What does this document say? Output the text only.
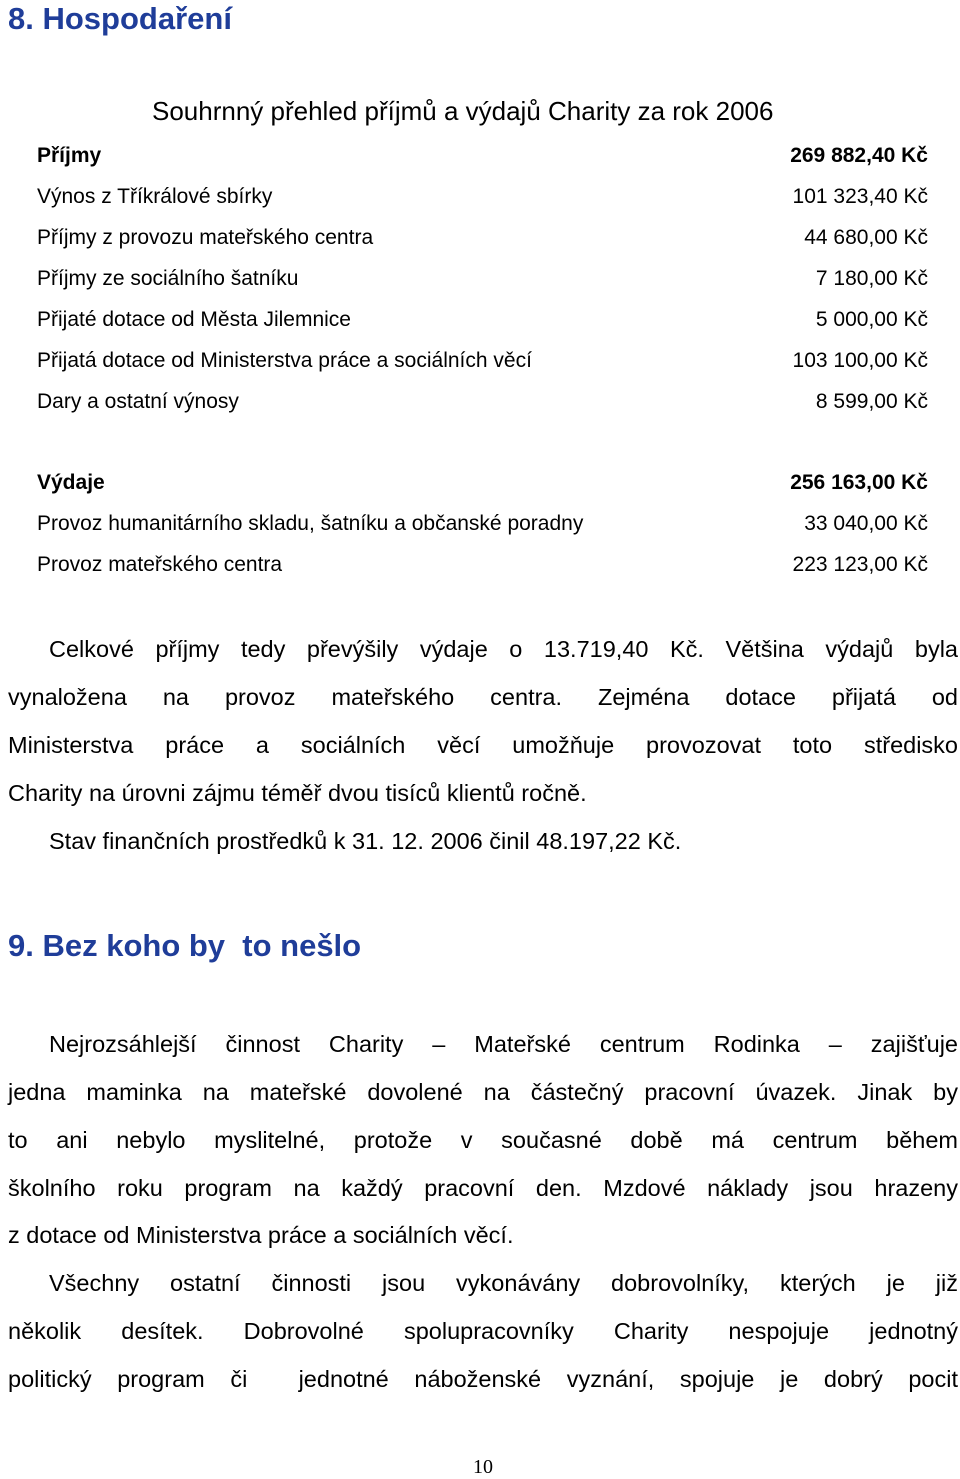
8. Hospodaření
Souhrnný přehled příjmů a výdajů Charity za rok 2006
Příjmy	269 882,40 Kč
Výnos z Tříkrálové sbírky	101 323,40 Kč
Příjmy z provozu mateřského centra	44 680,00 Kč
Příjmy ze sociálního šatníku	7 180,00 Kč
Přijaté dotace od Města Jilemnice	5 000,00 Kč
Přijatá dotace od Ministerstva práce a sociálních věcí	103 100,00 Kč
Dary a ostatní výnosy	8 599,00 Kč
Výdaje	256 163,00 Kč
Provoz humanitárního skladu, šatníku a občanské poradny	33 040,00 Kč
Provoz mateřského centra	223 123,00 Kč
Celkové příjmy tedy převýšily výdaje o 13.719,40 Kč. Většina výdajů byla
vynaložena na provoz mateřského centra. Zejména dotace přijatá od
Ministerstva práce a sociálních věcí umožňuje provozovat toto středisko
Charity na úrovni zájmu téměř dvou tisíců klientů ročně.
Stav finančních prostředků k 31. 12. 2006 činil 48.197,22 Kč.
9. Bez koho by  to nešlo
Nejrozsáhlejší činnost Charity – Mateřské centrum Rodinka – zajišťuje
jedna maminka na mateřské dovolené na částečný pracovní úvazek. Jinak by
to ani nebylo myslitelné, protože v současné době má centrum během
školního roku program na každý pracovní den. Mzdové náklady jsou hrazeny
z dotace od Ministerstva práce a sociálních věcí.
Všechny ostatní činnosti jsou vykonávány dobrovolníky, kterých je již
několik desítek. Dobrovolné spolupracovníky Charity nespojuje jednotný
politický program či  jednotné náboženské vyznání, spojuje je dobrý pocit
10
